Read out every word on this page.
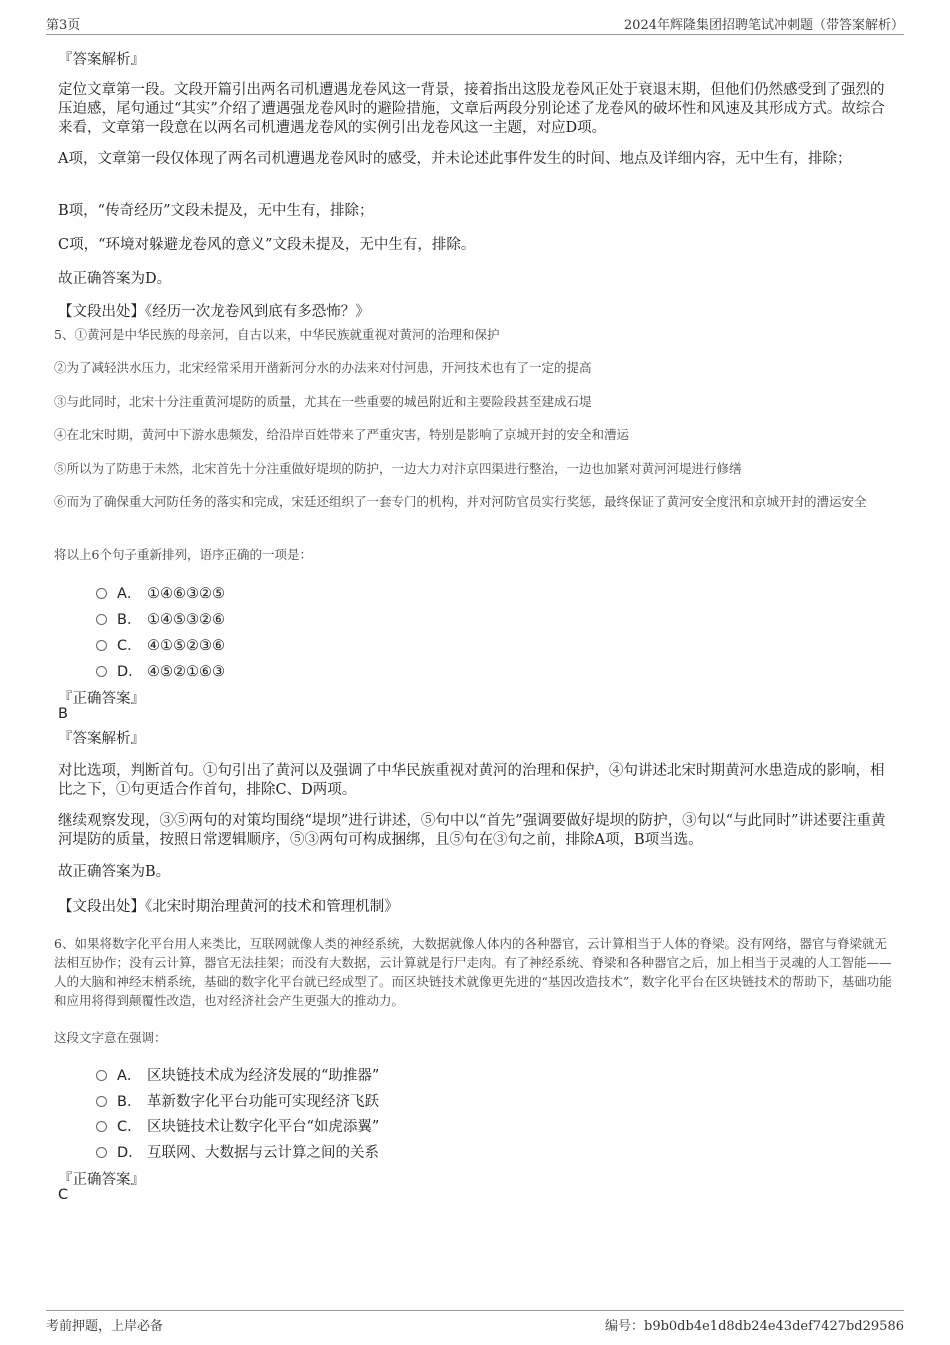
第3页	2024年辉隆集团招聘笔试冲刺题（带答案解析）

『答案解析』

定位文章第一段。文段开篇引出两名司机遭遇龙卷风这一背景，接着指出这股龙卷风正处于衰退末期，但他们仍然感受到了强烈的压迫感，尾句通过“其实”介绍了遭遇强龙卷风时的避险措施，文章后两段分别论述了龙卷风的破坏性和风速及其形成方式。故综合来看，文章第一段意在以两名司机遭遇龙卷风的实例引出龙卷风这一主题，对应D项。

A项，文章第一段仅体现了两名司机遭遇龙卷风时的感受，并未论述此事件发生的时间、地点及详细内容，无中生有，排除；

B项，“传奇经历”文段未提及，无中生有，排除；

C项，“环境对躲避龙卷风的意义”文段未提及，无中生有，排除。

故正确答案为D。

【文段出处】《经历一次龙卷风到底有多恐怖？》

5、①黄河是中华民族的母亲河，自古以来，中华民族就重视对黄河的治理和保护

②为了减轻洪水压力，北宋经常采用开凿新河分水的办法来对付河患，开河技术也有了一定的提高

③与此同时，北宋十分注重黄河堤防的质量，尤其在一些重要的城邑附近和主要险段甚至建成石堤

④在北宋时期，黄河中下游水患频发，给沿岸百姓带来了严重灾害，特别是影响了京城开封的安全和漕运

⑤所以为了防患于未然，北宋首先十分注重做好堤坝的防护，一边大力对汴京四渠进行整治，一边也加紧对黄河河堤进行修缮

⑥而为了确保重大河防任务的落实和完成，宋廷还组织了一套专门的机构，并对河防官员实行奖惩，最终保证了黄河安全度汛和京城开封的漕运安全

将以上6个句子重新排列，语序正确的一项是：

A． ①④⑥③②⑤
B． ①④⑤③②⑥
C． ④①⑤②③⑥
D． ④⑤②①⑥③

『正确答案』

B

『答案解析』

对比选项，判断首句。①句引出了黄河以及强调了中华民族重视对黄河的治理和保护，④句讲述北宋时期黄河水患造成的影响，相比之下，①句更适合作首句，排除C、D两项。

继续观察发现，③⑤两句的对策均围绕“堤坝”进行讲述，⑤句中以“首先”强调要做好堤坝的防护，③句以“与此同时”讲述要注重黄河堤防的质量，按照日常逻辑顺序，⑤③两句可构成捆绑，且⑤句在③句之前，排除A项，B项当选。

故正确答案为B。

【文段出处】《北宋时期治理黄河的技术和管理机制》

6、如果将数字化平台用人来类比，互联网就像人类的神经系统，大数据就像人体内的各种器官，云计算相当于人体的脊梁。没有网络，器官与脊梁就无法相互协作；没有云计算，器官无法挂架；而没有大数据，云计算就是行尸走肉。有了神经系统、脊梁和各种器官之后，加上相当于灵魂的人工智能——人的大脑和神经末梢系统，基础的数字化平台就已经成型了。而区块链技术就像更先进的“基因改造技术”，数字化平台在区块链技术的帮助下，基础功能和应用将得到颠覆性改造，也对经济社会产生更强大的推动力。

这段文字意在强调：

A． 区块链技术成为经济发展的“助推器”
B． 革新数字化平台功能可实现经济飞跃
C． 区块链技术让数字化平台“如虎添翼”
D． 互联网、大数据与云计算之间的关系

『正确答案』

C

考前押题，上岸必备	编号：b9b0db4e1d8db24e43def7427bd29586
